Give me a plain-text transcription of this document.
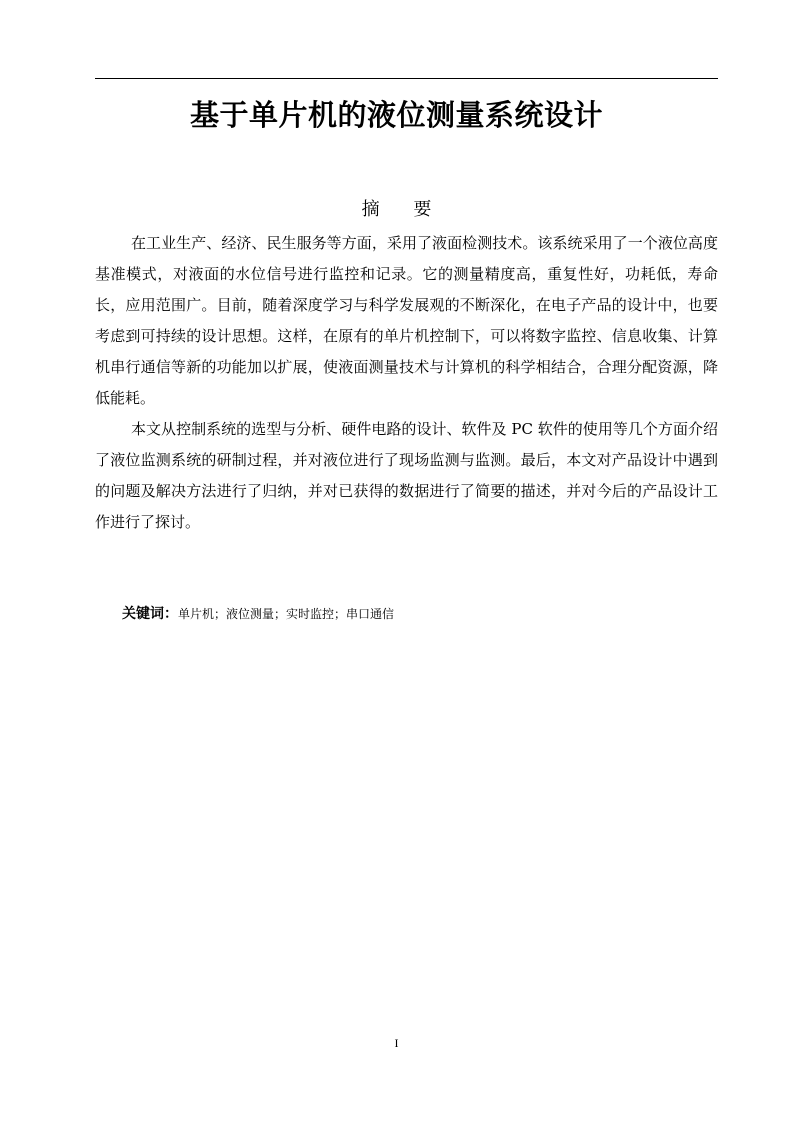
基于单片机的液位测量系统设计
摘 要

在工业生产、经济、民生服务等方面，采用了液面检测技术。该系统采用了一个液位高度基准模式，对液面的水位信号进行监控和记录。它的测量精度高，重复性好，功耗低，寿命长，应用范围广。目前，随着深度学习与科学发展观的不断深化，在电子产品的设计中，也要考虑到可持续的设计思想。这样，在原有的单片机控制下，可以将数字监控、信息收集、计算机串行通信等新的功能加以扩展，使液面测量技术与计算机的科学相结合，合理分配资源，降低能耗。

本文从控制系统的选型与分析、硬件电路的设计、软件及 PC 软件的使用等几个方面介绍了液位监测系统的研制过程，并对液位进行了现场监测与监测。最后，本文对产品设计中遇到的问题及解决方法进行了归纳，并对已获得的数据进行了简要的描述，并对今后的产品设计工作进行了探讨。

关键词：单片机；液位测量；实时监控；串口通信
I
